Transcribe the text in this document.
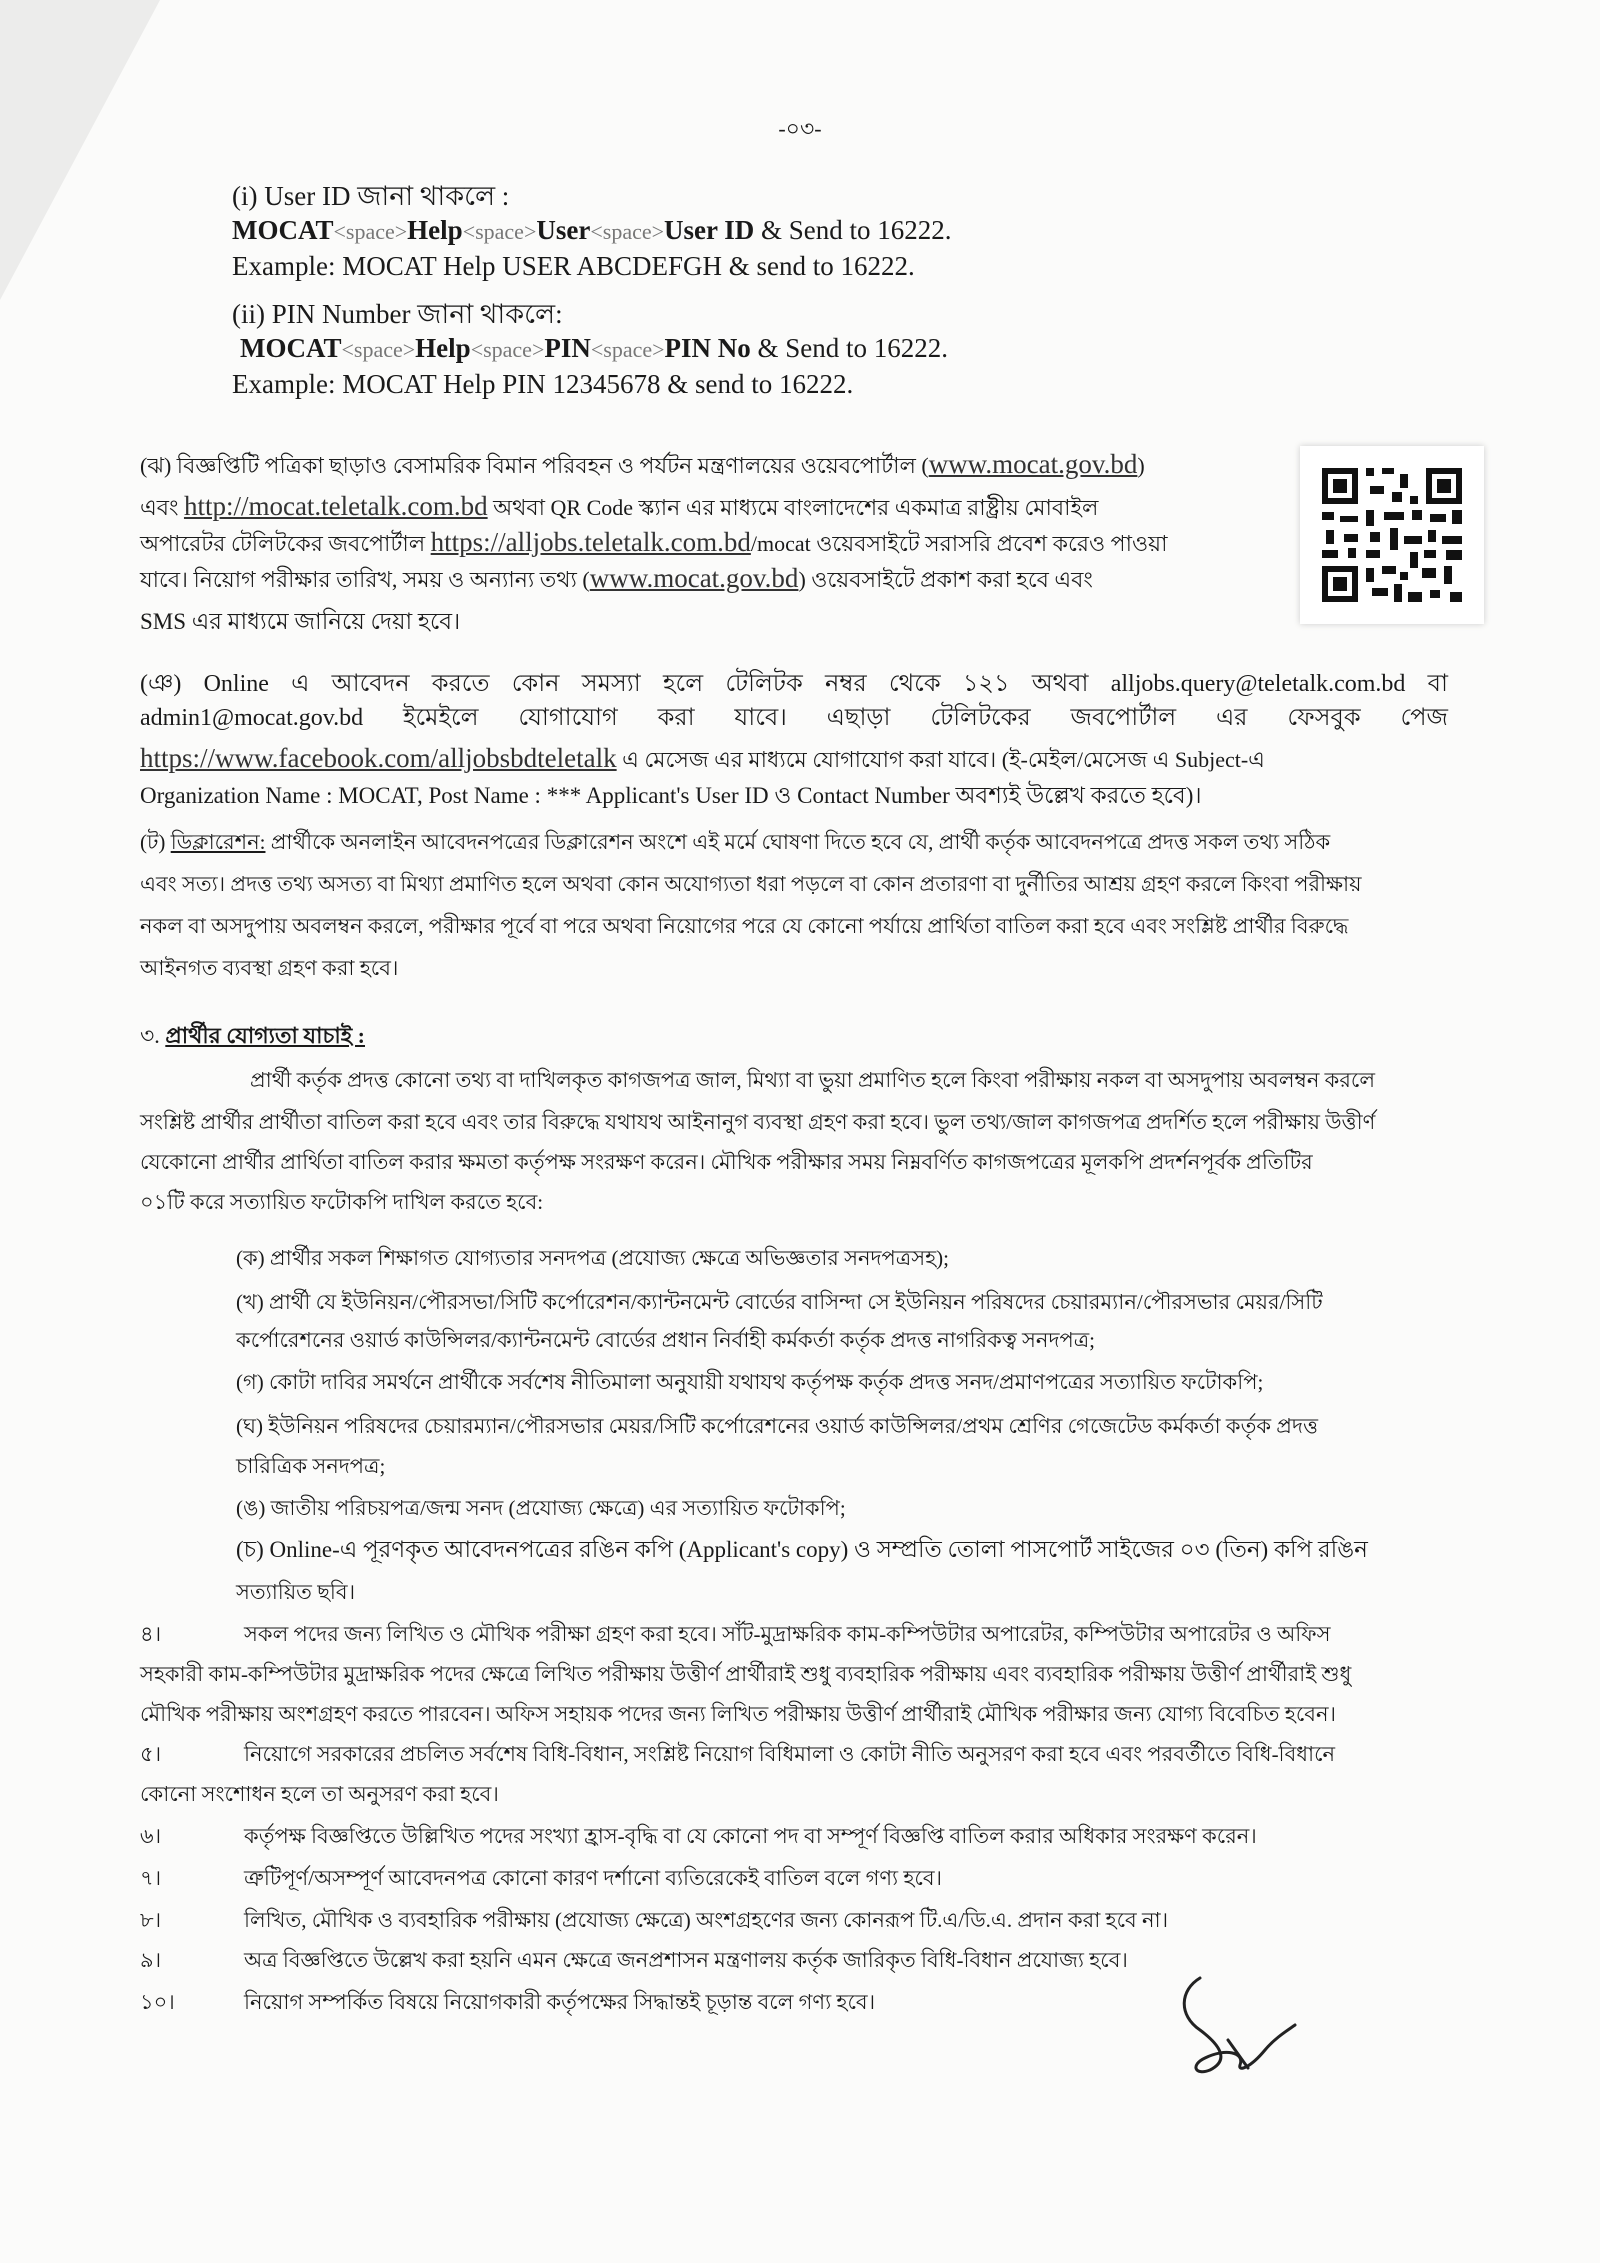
-০৩-
(i) User ID জানা থাকলে :
MOCAT<space>Help<space>User<space>User ID & Send to 16222.
Example: MOCAT Help USER ABCDEFGH & send to 16222.
(ii) PIN Number জানা থাকলে:
MOCAT<space>Help<space>PIN<space>PIN No & Send to 16222.
Example: MOCAT Help PIN 12345678 & send to 16222.
(ঝ) বিজ্ঞপ্তিটি পত্রিকা ছাড়াও বেসামরিক বিমান পরিবহন ও পর্যটন মন্ত্রণালয়ের ওয়েবপোর্টাল (www.mocat.gov.bd)
এবং http://mocat.teletalk.com.bd অথবা QR Code স্ক্যান এর মাধ্যমে বাংলাদেশের একমাত্র রাষ্ট্রীয় মোবাইল
অপারেটর টেলিটকের জবপোর্টাল https://alljobs.teletalk.com.bd/mocat ওয়েবসাইটে সরাসরি প্রবেশ করেও পাওয়া
যাবে। নিয়োগ পরীক্ষার তারিখ, সময় ও অন্যান্য তথ্য (www.mocat.gov.bd) ওয়েবসাইটে প্রকাশ করা হবে এবং
SMS এর মাধ্যমে জানিয়ে দেয়া হবে।
(ঞ) Online এ আবেদন করতে কোন সমস্যা হলে টেলিটক নম্বর থেকে ১২১ অথবা alljobs.query@teletalk.com.bd বা
admin1@mocat.gov.bd ইমেইলে যোগাযোগ করা যাবে। এছাড়া টেলিটকের জবপোর্টাল এর ফেসবুক পেজ
https://www.facebook.com/alljobsbdteletalk এ মেসেজ এর মাধ্যমে যোগাযোগ করা যাবে। (ই-মেইল/মেসেজ এ Subject-এ
Organization Name : MOCAT, Post Name : *** Applicant's User ID ও Contact Number অবশ্যই উল্লেখ করতে হবে)।
(ট) ডিক্লারেশন: প্রার্থীকে অনলাইন আবেদনপত্রের ডিক্লারেশন অংশে এই মর্মে ঘোষণা দিতে হবে যে, প্রার্থী কর্তৃক আবেদনপত্রে প্রদত্ত সকল তথ্য সঠিক
এবং সত্য। প্রদত্ত তথ্য অসত্য বা মিথ্যা প্রমাণিত হলে অথবা কোন অযোগ্যতা ধরা পড়লে বা কোন প্রতারণা বা দুর্নীতির আশ্রয় গ্রহণ করলে কিংবা পরীক্ষায়
নকল বা অসদুপায় অবলম্বন করলে, পরীক্ষার পূর্বে বা পরে অথবা নিয়োগের পরে যে কোনো পর্যায়ে প্রার্থিতা বাতিল করা হবে এবং সংশ্লিষ্ট প্রার্থীর বিরুদ্ধে
আইনগত ব্যবস্থা গ্রহণ করা হবে।
৩. প্রার্থীর যোগ্যতা যাচাই :
প্রার্থী কর্তৃক প্রদত্ত কোনো তথ্য বা দাখিলকৃত কাগজপত্র জাল, মিথ্যা বা ভুয়া প্রমাণিত হলে কিংবা পরীক্ষায় নকল বা অসদুপায় অবলম্বন করলে
সংশ্লিষ্ট প্রার্থীর প্রার্থীতা বাতিল করা হবে এবং তার বিরুদ্ধে যথাযথ আইনানুগ ব্যবস্থা গ্রহণ করা হবে। ভুল তথ্য/জাল কাগজপত্র প্রদর্শিত হলে পরীক্ষায় উত্তীর্ণ
যেকোনো প্রার্থীর প্রার্থিতা বাতিল করার ক্ষমতা কর্তৃপক্ষ সংরক্ষণ করেন। মৌখিক পরীক্ষার সময় নিম্নবর্ণিত কাগজপত্রের মূলকপি প্রদর্শনপূর্বক প্রতিটির
০১টি করে সত্যায়িত ফটোকপি দাখিল করতে হবে:
(ক) প্রার্থীর সকল শিক্ষাগত যোগ্যতার সনদপত্র (প্রযোজ্য ক্ষেত্রে অভিজ্ঞতার সনদপত্রসহ);
(খ) প্রার্থী যে ইউনিয়ন/পৌরসভা/সিটি কর্পোরেশন/ক্যান্টনমেন্ট বোর্ডের বাসিন্দা সে ইউনিয়ন পরিষদের চেয়ারম্যান/পৌরসভার মেয়র/সিটি
কর্পোরেশনের ওয়ার্ড কাউন্সিলর/ক্যান্টনমেন্ট বোর্ডের প্রধান নির্বাহী কর্মকর্তা কর্তৃক প্রদত্ত নাগরিকত্ব সনদপত্র;
(গ) কোটা দাবির সমর্থনে প্রার্থীকে সর্বশেষ নীতিমালা অনুযায়ী যথাযথ কর্তৃপক্ষ কর্তৃক প্রদত্ত সনদ/প্রমাণপত্রের সত্যায়িত ফটোকপি;
(ঘ) ইউনিয়ন পরিষদের চেয়ারম্যান/পৌরসভার মেয়র/সিটি কর্পোরেশনের ওয়ার্ড কাউন্সিলর/প্রথম শ্রেণির গেজেটেড কর্মকর্তা কর্তৃক প্রদত্ত
চারিত্রিক সনদপত্র;
(ঙ) জাতীয় পরিচয়পত্র/জন্ম সনদ (প্রযোজ্য ক্ষেত্রে) এর সত্যায়িত ফটোকপি;
(চ) Online-এ পূরণকৃত আবেদনপত্রের রঙিন কপি (Applicant's copy) ও সম্প্রতি তোলা পাসপোর্ট সাইজের ০৩ (তিন) কপি রঙিন
সত্যায়িত ছবি।
৪।	সকল পদের জন্য লিখিত ও মৌখিক পরীক্ষা গ্রহণ করা হবে। সাঁট-মুদ্রাক্ষরিক কাম-কম্পিউটার অপারেটর, কম্পিউটার অপারেটর ও অফিস
সহকারী কাম-কম্পিউটার মুদ্রাক্ষরিক পদের ক্ষেত্রে লিখিত পরীক্ষায় উত্তীর্ণ প্রার্থীরাই শুধু ব্যবহারিক পরীক্ষায় এবং ব্যবহারিক পরীক্ষায় উত্তীর্ণ প্রার্থীরাই শুধু
মৌখিক পরীক্ষায় অংশগ্রহণ করতে পারবেন। অফিস সহায়ক পদের জন্য লিখিত পরীক্ষায় উত্তীর্ণ প্রার্থীরাই মৌখিক পরীক্ষার জন্য যোগ্য বিবেচিত হবেন।
৫।	নিয়োগে সরকারের প্রচলিত সর্বশেষ বিধি-বিধান, সংশ্লিষ্ট নিয়োগ বিধিমালা ও কোটা নীতি অনুসরণ করা হবে এবং পরবর্তীতে বিধি-বিধানে
কোনো সংশোধন হলে তা অনুসরণ করা হবে।
৬।	কর্তৃপক্ষ বিজ্ঞপ্তিতে উল্লিখিত পদের সংখ্যা হ্রাস-বৃদ্ধি বা যে কোনো পদ বা সম্পূর্ণ বিজ্ঞপ্তি বাতিল করার অধিকার সংরক্ষণ করেন।
৭।	ত্রুটিপূর্ণ/অসম্পূর্ণ আবেদনপত্র কোনো কারণ দর্শানো ব্যতিরেকেই বাতিল বলে গণ্য হবে।
৮।	লিখিত, মৌখিক ও ব্যবহারিক পরীক্ষায় (প্রযোজ্য ক্ষেত্রে) অংশগ্রহণের জন্য কোনরূপ টি.এ/ডি.এ. প্রদান করা হবে না।
৯।	অত্র বিজ্ঞপ্তিতে উল্লেখ করা হয়নি এমন ক্ষেত্রে জনপ্রশাসন মন্ত্রণালয় কর্তৃক জারিকৃত বিধি-বিধান প্রযোজ্য হবে।
১০।	নিয়োগ সম্পর্কিত বিষয়ে নিয়োগকারী কর্তৃপক্ষের সিদ্ধান্তই চূড়ান্ত বলে গণ্য হবে।
